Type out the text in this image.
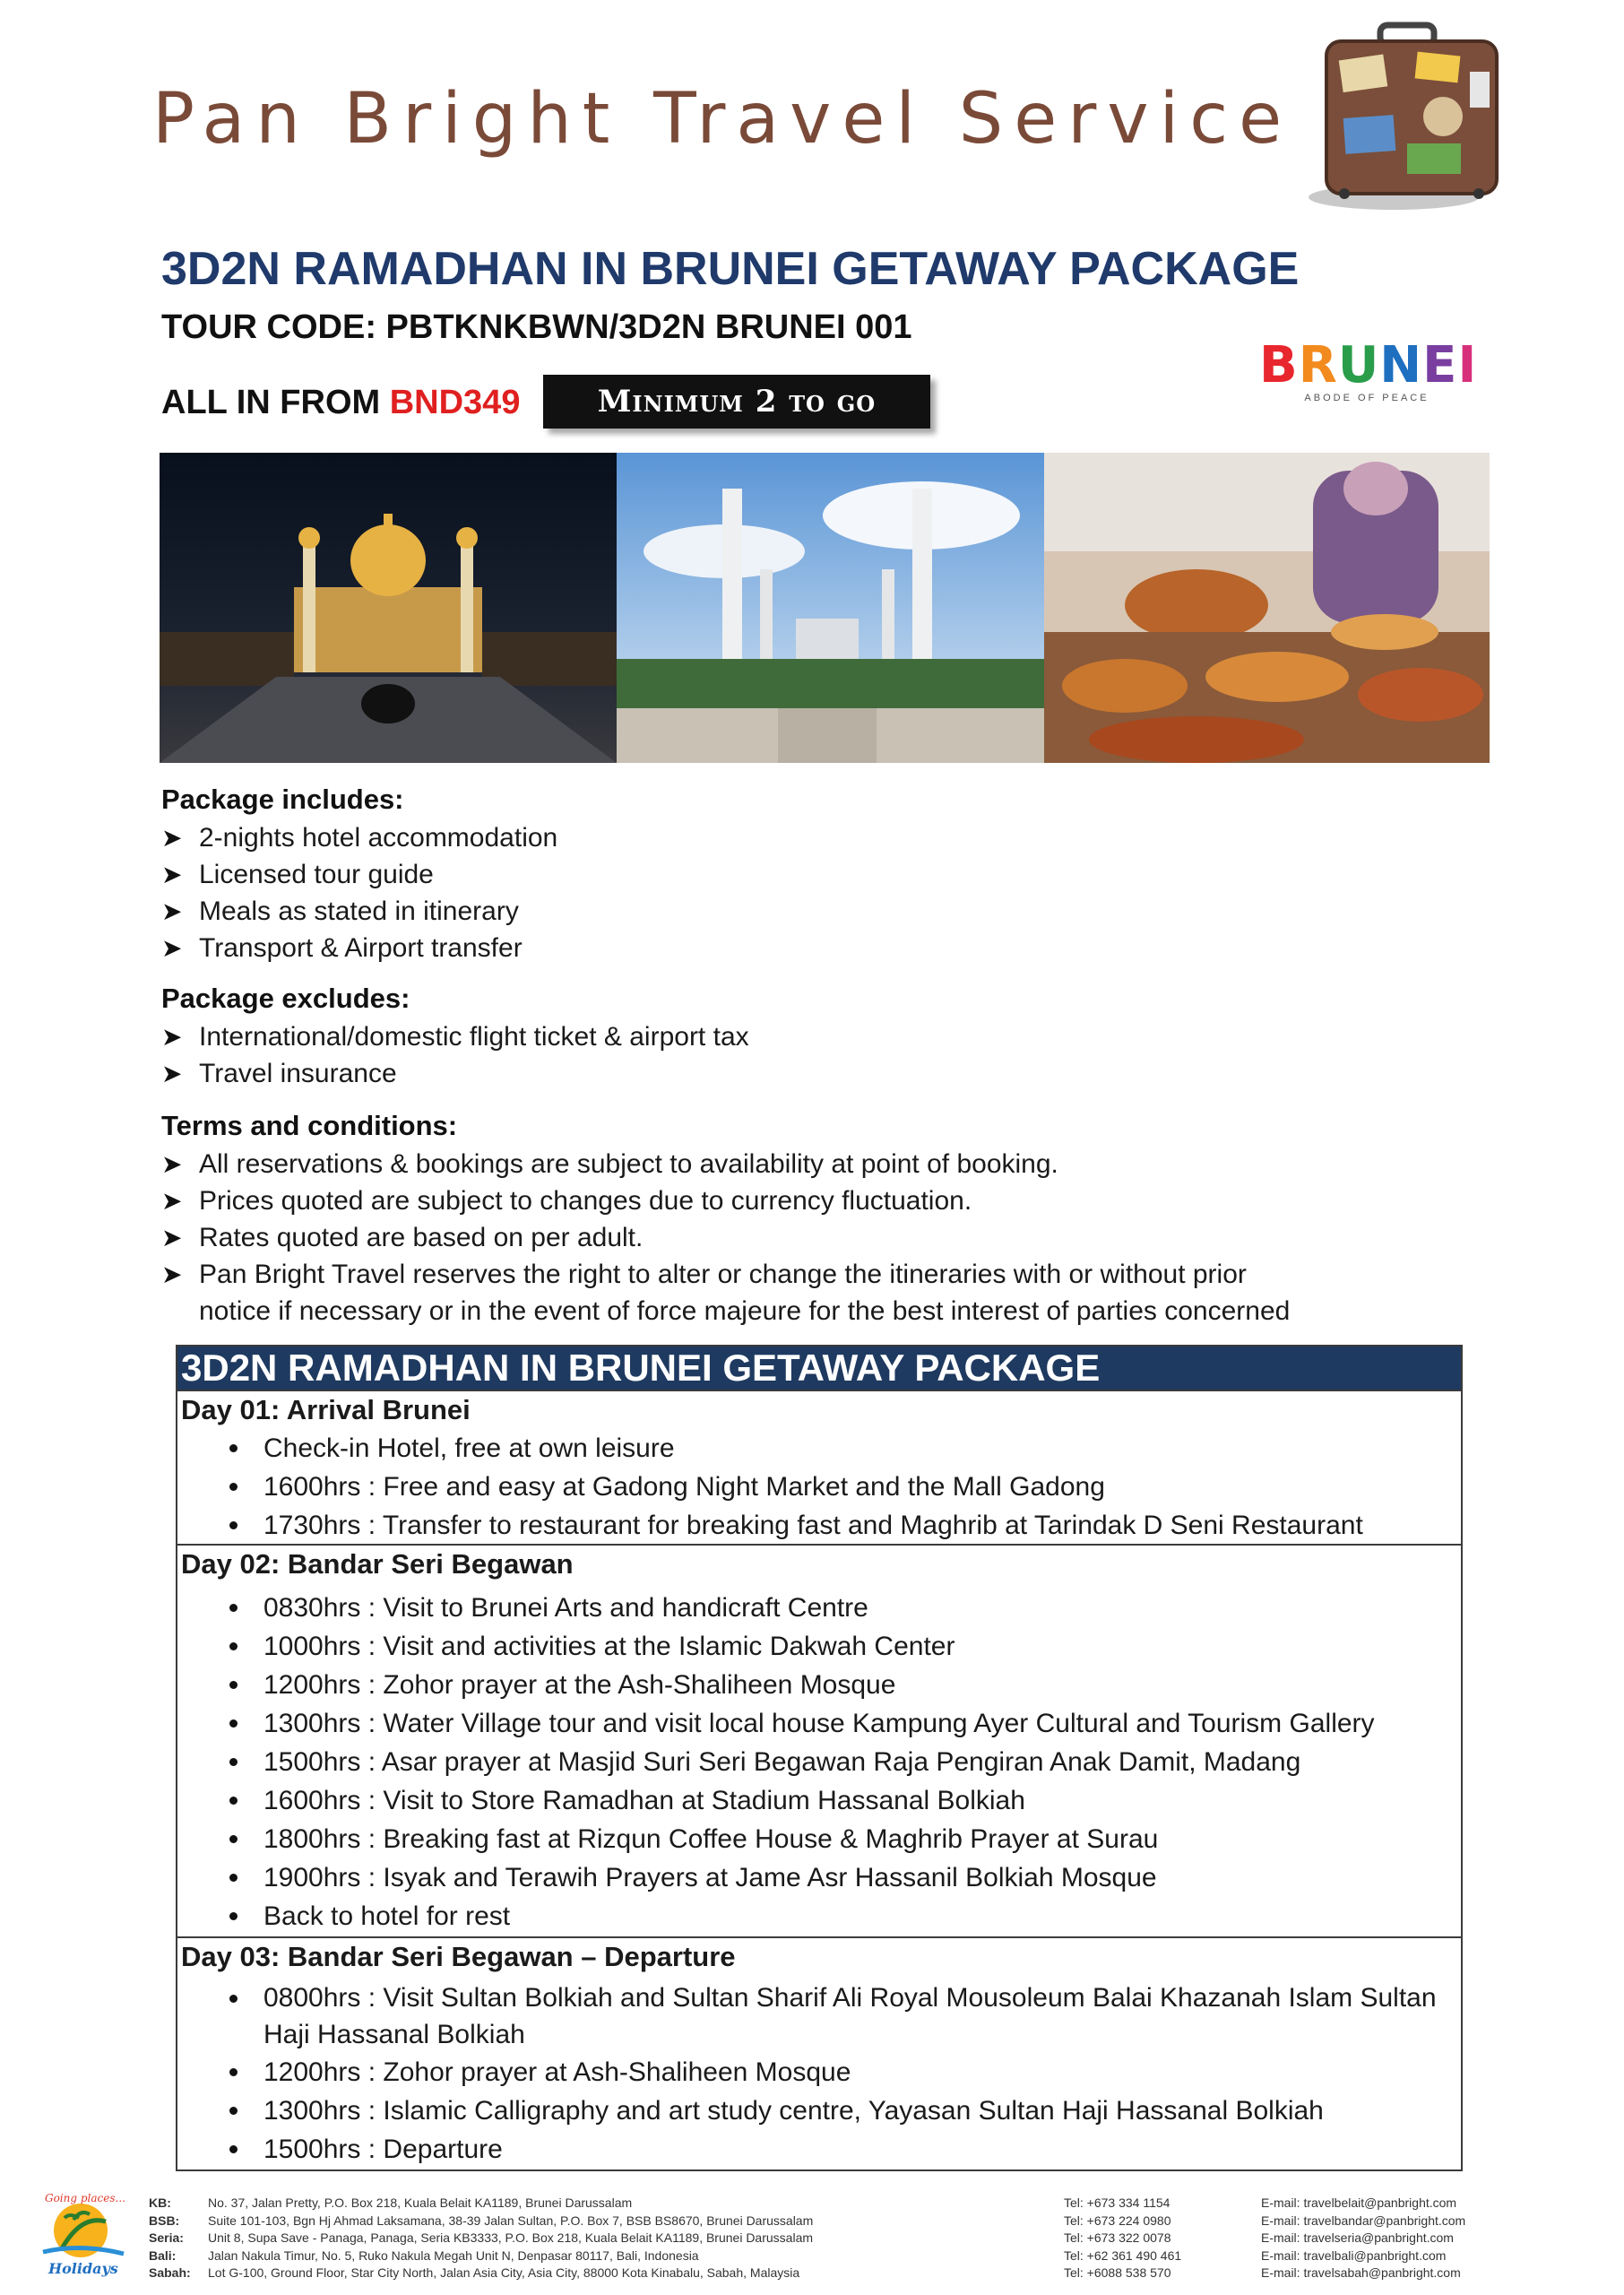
Pan Bright Travel Service
3D2N RAMADHAN IN BRUNEI GETAWAY PACKAGE
TOUR CODE: PBTKNKBWN/3D2N BRUNEI 001
ALL IN FROM BND349	Minimum 2 to go
BRUNEI
ABODE OF PEACE
Package includes:
➤ 2-nights hotel accommodation
➤ Licensed tour guide
➤ Meals as stated in itinerary
➤ Transport & Airport transfer
Package excludes:
➤ International/domestic flight ticket & airport tax
➤ Travel insurance
Terms and conditions:
➤ All reservations & bookings are subject to availability at point of booking.
➤ Prices quoted are subject to changes due to currency fluctuation.
➤ Rates quoted are based on per adult.
➤ Pan Bright Travel reserves the right to alter or change the itineraries with or without prior
notice if necessary or in the event of force majeure for the best interest of parties concerned
3D2N RAMADHAN IN BRUNEI GETAWAY PACKAGE
Day 01: Arrival Brunei
Check-in Hotel, free at own leisure
1600hrs : Free and easy at Gadong Night Market and the Mall Gadong
1730hrs : Transfer to restaurant for breaking fast and Maghrib at Tarindak D Seni Restaurant
Day 02: Bandar Seri Begawan
0830hrs : Visit to Brunei Arts and handicraft Centre
1000hrs : Visit and activities at the Islamic Dakwah Center
1200hrs : Zohor prayer at the Ash-Shaliheen Mosque
1300hrs : Water Village tour and visit local house Kampung Ayer Cultural and Tourism Gallery
1500hrs : Asar prayer at Masjid Suri Seri Begawan Raja Pengiran Anak Damit, Madang
1600hrs : Visit to Store Ramadhan at Stadium Hassanal Bolkiah
1800hrs : Breaking fast at Rizqun Coffee House & Maghrib Prayer at Surau
1900hrs : Isyak and Terawih Prayers at Jame Asr Hassanil Bolkiah Mosque
Back to hotel for rest
Day 03: Bandar Seri Begawan – Departure
0800hrs : Visit Sultan Bolkiah and Sultan Sharif Ali Royal Mousoleum Balai Khazanah Islam Sultan Haji Hassanal Bolkiah
1200hrs : Zohor prayer at Ash-Shaliheen Mosque
1300hrs : Islamic Calligraphy and art study centre, Yayasan Sultan Haji Hassanal Bolkiah
1500hrs : Departure
Going places...
Holidays
KB:	No. 37, Jalan Pretty, P.O. Box 218, Kuala Belait KA1189, Brunei Darussalam	Tel: +673 334 1154	E-mail: travelbelait@panbright.com
BSB:	Suite 101-103, Bgn Hj Ahmad Laksamana, 38-39 Jalan Sultan, P.O. Box 7, BSB BS8670, Brunei Darussalam	Tel: +673 224 0980	E-mail: travelbandar@panbright.com
Seria:	Unit 8, Supa Save - Panaga, Panaga, Seria KB3333, P.O. Box 218, Kuala Belait KA1189, Brunei Darussalam	Tel: +673 322 0078	E-mail: travelseria@panbright.com
Bali:	Jalan Nakula Timur, No. 5, Ruko Nakula Megah Unit N, Denpasar 80117, Bali, Indonesia	Tel: +62 361 490 461	E-mail: travelbali@panbright.com
Sabah:	Lot G-100, Ground Floor, Star City North, Jalan Asia City, Asia City, 88000 Kota Kinabalu, Sabah, Malaysia	Tel: +6088 538 570	E-mail: travelsabah@panbright.com
